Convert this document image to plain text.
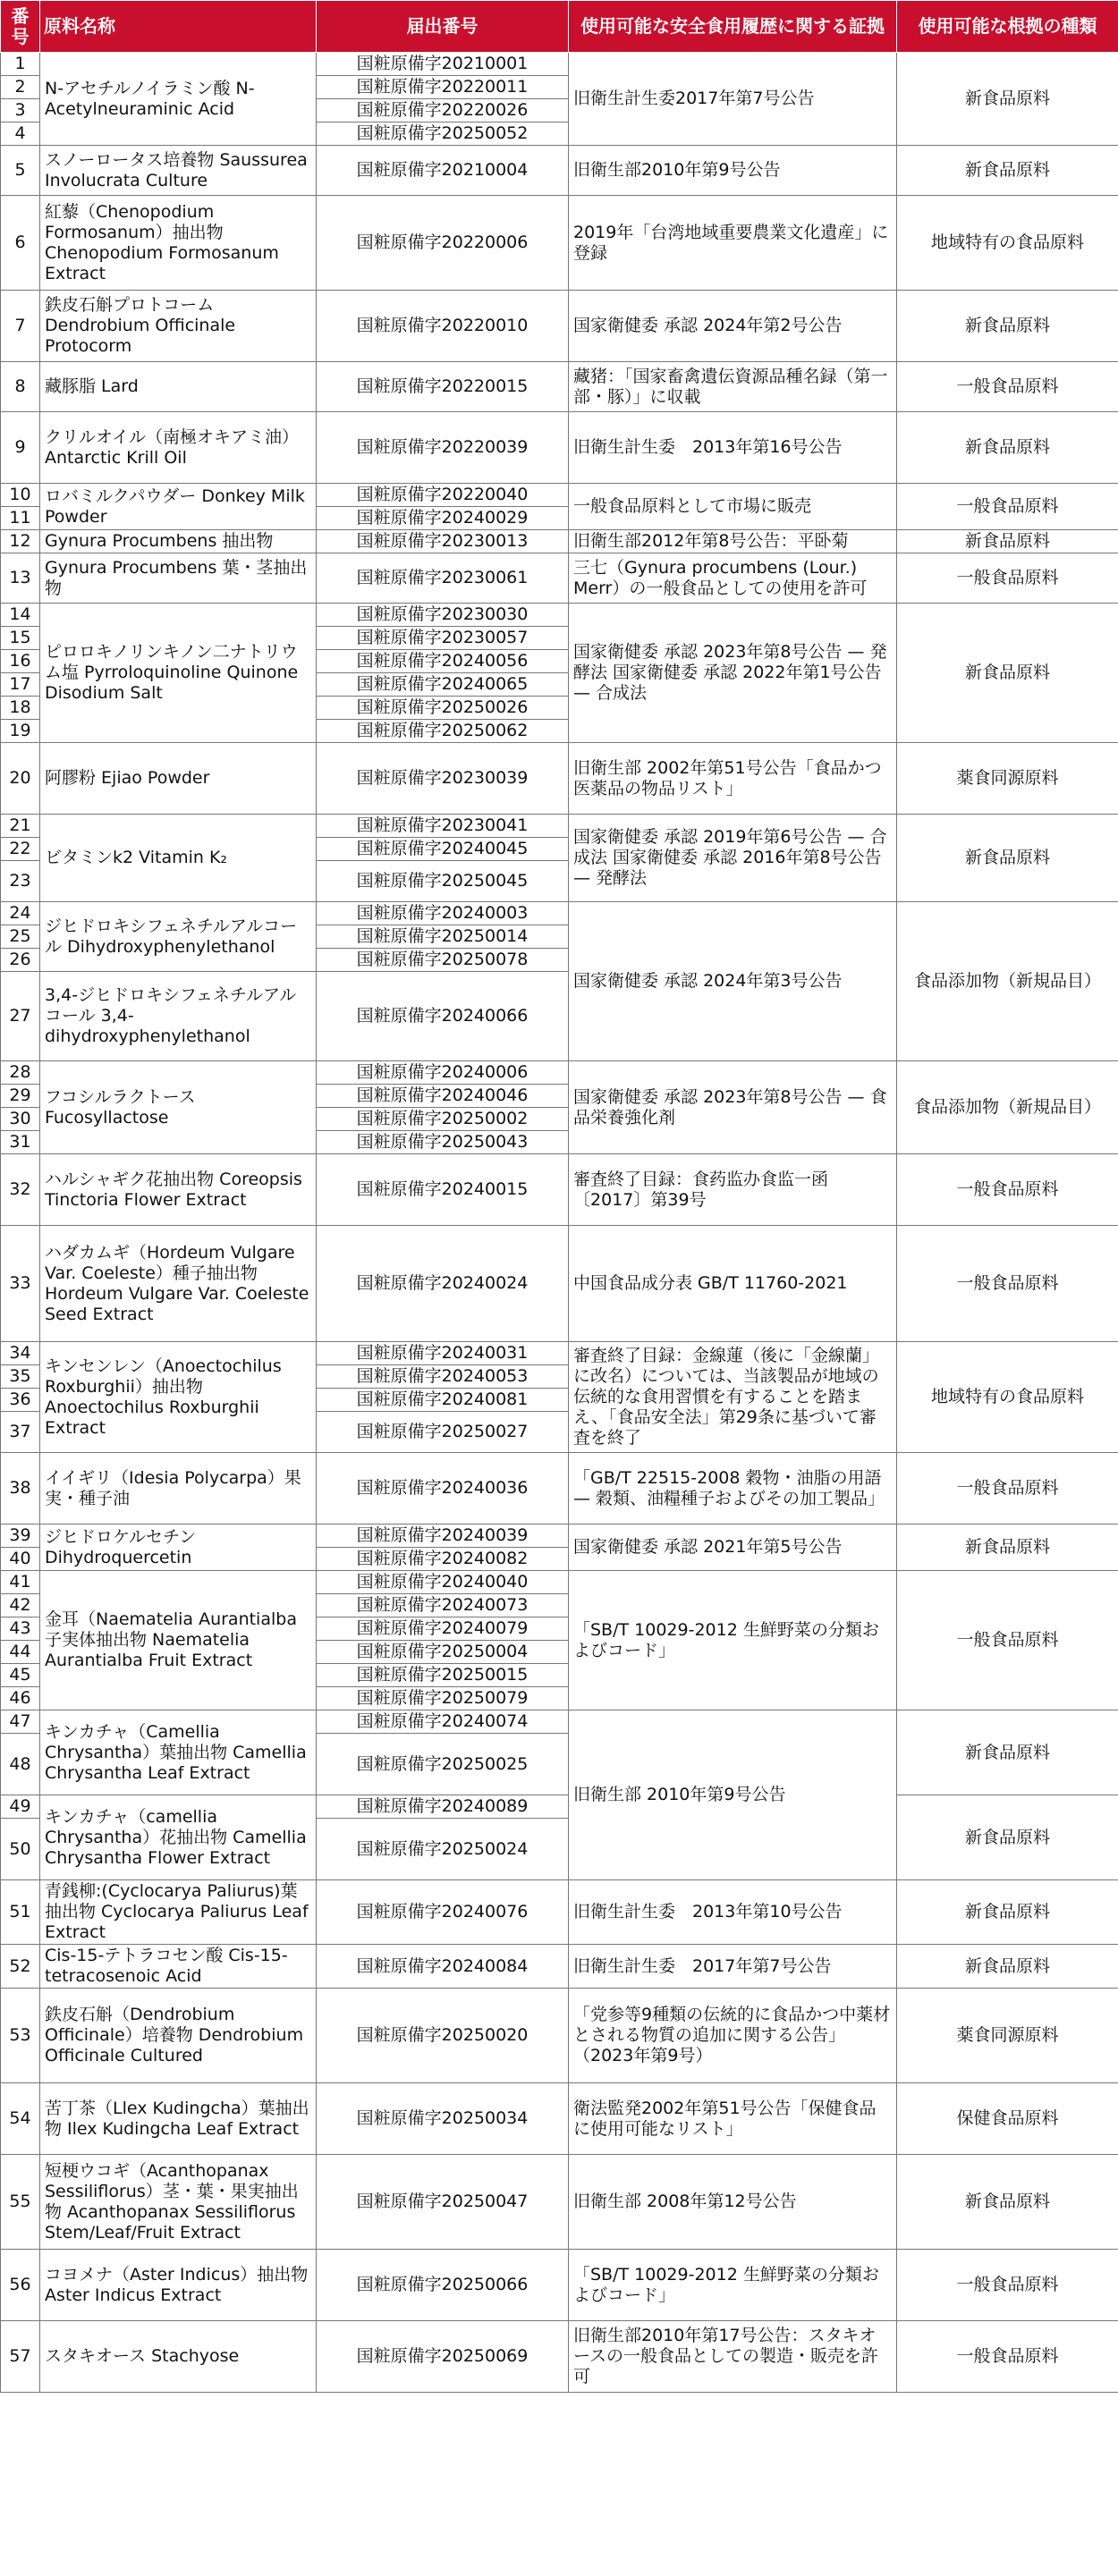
番号	原料名称	届出番号	使用可能な安全食用履歴に関する証拠	使用可能な根拠の種類
1	N-アセチルノイラミン酸 N-Acetylneuraminic Acid	国粧原備字20210001	旧衛生計生委2017年第7号公告	新食品原料
2		国粧原備字20220011		
3		国粧原備字20220026		
4		国粧原備字20250052		
5	スノーロータス培養物 Saussurea Involucrata Culture	国粧原備字20210004	旧衛生部2010年第9号公告	新食品原料
6	紅藜（Chenopodium Formosanum）抽出物 Chenopodium Formosanum Extract	国粧原備字20220006	2019年「台湾地域重要農業文化遺産」に登録	地域特有の食品原料
7	鉄皮石斛プロトコーム Dendrobium Officinale Protocorm	国粧原備字20220010	国家衛健委 承認 2024年第2号公告	新食品原料
8	藏豚脂 Lard	国粧原備字20220015	藏猪：「国家畜禽遺伝資源品種名録（第一部・豚）」に収載	一般食品原料
9	クリルオイル（南極オキアミ油） Antarctic Krill Oil	国粧原備字20220039	旧衛生計生委　2013年第16号公告	新食品原料
10	ロバミルクパウダー Donkey Milk Powder	国粧原備字20220040	一般食品原料として市場に販売	一般食品原料
11		国粧原備字20240029		
12	Gynura Procumbens 抽出物	国粧原備字20230013	旧衛生部2012年第8号公告：平卧菊	新食品原料
13	Gynura Procumbens 葉・茎抽出物	国粧原備字20230061	三七（Gynura procumbens (Lour.) Merr）の一般食品としての使用を許可	一般食品原料
14	ピロロキノリンキノン二ナトリウム塩 Pyrroloquinoline Quinone Disodium Salt	国粧原備字20230030	国家衛健委 承認 2023年第8号公告 — 発酵法 国家衛健委 承認 2022年第1号公告 — 合成法	新食品原料
15		国粧原備字20230057		
16		国粧原備字20240056		
17		国粧原備字20240065		
18		国粧原備字20250026		
19		国粧原備字20250062		
20	阿膠粉 Ejiao Powder	国粧原備字20230039	旧衛生部 2002年第51号公告「食品かつ医薬品の物品リスト」	薬食同源原料
21	ビタミンk2 Vitamin K₂	国粧原備字20230041	国家衛健委 承認 2019年第6号公告 — 合成法 国家衛健委 承認 2016年第8号公告 — 発酵法	新食品原料
22		国粧原備字20240045		
23		国粧原備字20250045		
24	ジヒドロキシフェネチルアルコール Dihydroxyphenylethanol	国粧原備字20240003	国家衛健委 承認 2024年第3号公告	食品添加物（新規品目）
25		国粧原備字20250014		
26		国粧原備字20250078		
27	3,4-ジヒドロキシフェネチルアルコール 3,4-dihydroxyphenylethanol	国粧原備字20240066		
28	フコシルラクトース Fucosyllactose	国粧原備字20240006	国家衛健委 承認 2023年第8号公告 — 食品栄養強化剤	食品添加物（新規品目）
29		国粧原備字20240046		
30		国粧原備字20250002		
31		国粧原備字20250043		
32	ハルシャギク花抽出物 Coreopsis Tinctoria Flower Extract	国粧原備字20240015	審査終了目録：食药监办食监一函〔2017〕第39号	一般食品原料
33	ハダカムギ（Hordeum Vulgare Var. Coeleste）種子抽出物 Hordeum Vulgare Var. Coeleste Seed Extract	国粧原備字20240024	中国食品成分表 GB/T 11760-2021	一般食品原料
34	キンセンレン（Anoectochilus Roxburghii）抽出物 Anoectochilus Roxburghii Extract	国粧原備字20240031	審査終了目録：金線蓮（後に「金線蘭」に改名）については、当該製品が地域の伝統的な食用習慣を有することを踏まえ、「食品安全法」第29条に基づいて審査を終了	地域特有の食品原料
35		国粧原備字20240053		
36		国粧原備字20240081		
37		国粧原備字20250027		
38	イイギリ（Idesia Polycarpa）果実・種子油	国粧原備字20240036	「GB/T 22515-2008 穀物・油脂の用語 — 穀類、油糧種子およびその加工製品」	一般食品原料
39	ジヒドロケルセチン Dihydroquercetin	国粧原備字20240039	国家衛健委 承認 2021年第5号公告	新食品原料
40		国粧原備字20240082		
41	金耳（Naematelia Aurantialba 子実体抽出物 Naematelia Aurantialba Fruit Extract	国粧原備字20240040	「SB/T 10029-2012 生鮮野菜の分類およびコード」	一般食品原料
42		国粧原備字20240073		
43		国粧原備字20240079		
44		国粧原備字20250004		
45		国粧原備字20250015		
46		国粧原備字20250079		
47	キンカチャ（Camellia Chrysantha）葉抽出物 Camellia Chrysantha Leaf Extract	国粧原備字20240074	旧衛生部 2010年第9号公告	新食品原料
48		国粧原備字20250025		
49	キンカチャ（camellia Chrysantha）花抽出物 Camellia Chrysantha Flower Extract	国粧原備字20240089		新食品原料
50		国粧原備字20250024		
51	青銭柳:(Cyclocarya Paliurus)葉抽出物 Cyclocarya Paliurus Leaf Extract	国粧原備字20240076	旧衛生計生委　2013年第10号公告	新食品原料
52	Cis-15-テトラコセン酸 Cis-15-tetracosenoic Acid	国粧原備字20240084	旧衛生計生委　2017年第7号公告	新食品原料
53	鉄皮石斛（Dendrobium Officinale）培養物 Dendrobium Officinale Cultured	国粧原備字20250020	「党参等9種類の伝統的に食品かつ中薬材とされる物質の追加に関する公告」（2023年第9号）	薬食同源原料
54	苦丁茶（Llex Kudingcha）葉抽出物 Ilex Kudingcha Leaf Extract	国粧原備字20250034	衛法監発2002年第51号公告「保健食品に使用可能なリスト」	保健食品原料
55	短梗ウコギ（Acanthopanax Sessiliflorus）茎・葉・果実抽出物 Acanthopanax Sessiliflorus Stem/Leaf/Fruit Extract	国粧原備字20250047	旧衛生部 2008年第12号公告	新食品原料
56	コヨメナ（Aster Indicus）抽出物 Aster Indicus Extract	国粧原備字20250066	「SB/T 10029-2012 生鮮野菜の分類およびコード」	一般食品原料
57	スタキオース Stachyose	国粧原備字20250069	旧衛生部2010年第17号公告：スタキオースの一般食品としての製造・販売を許可	一般食品原料
